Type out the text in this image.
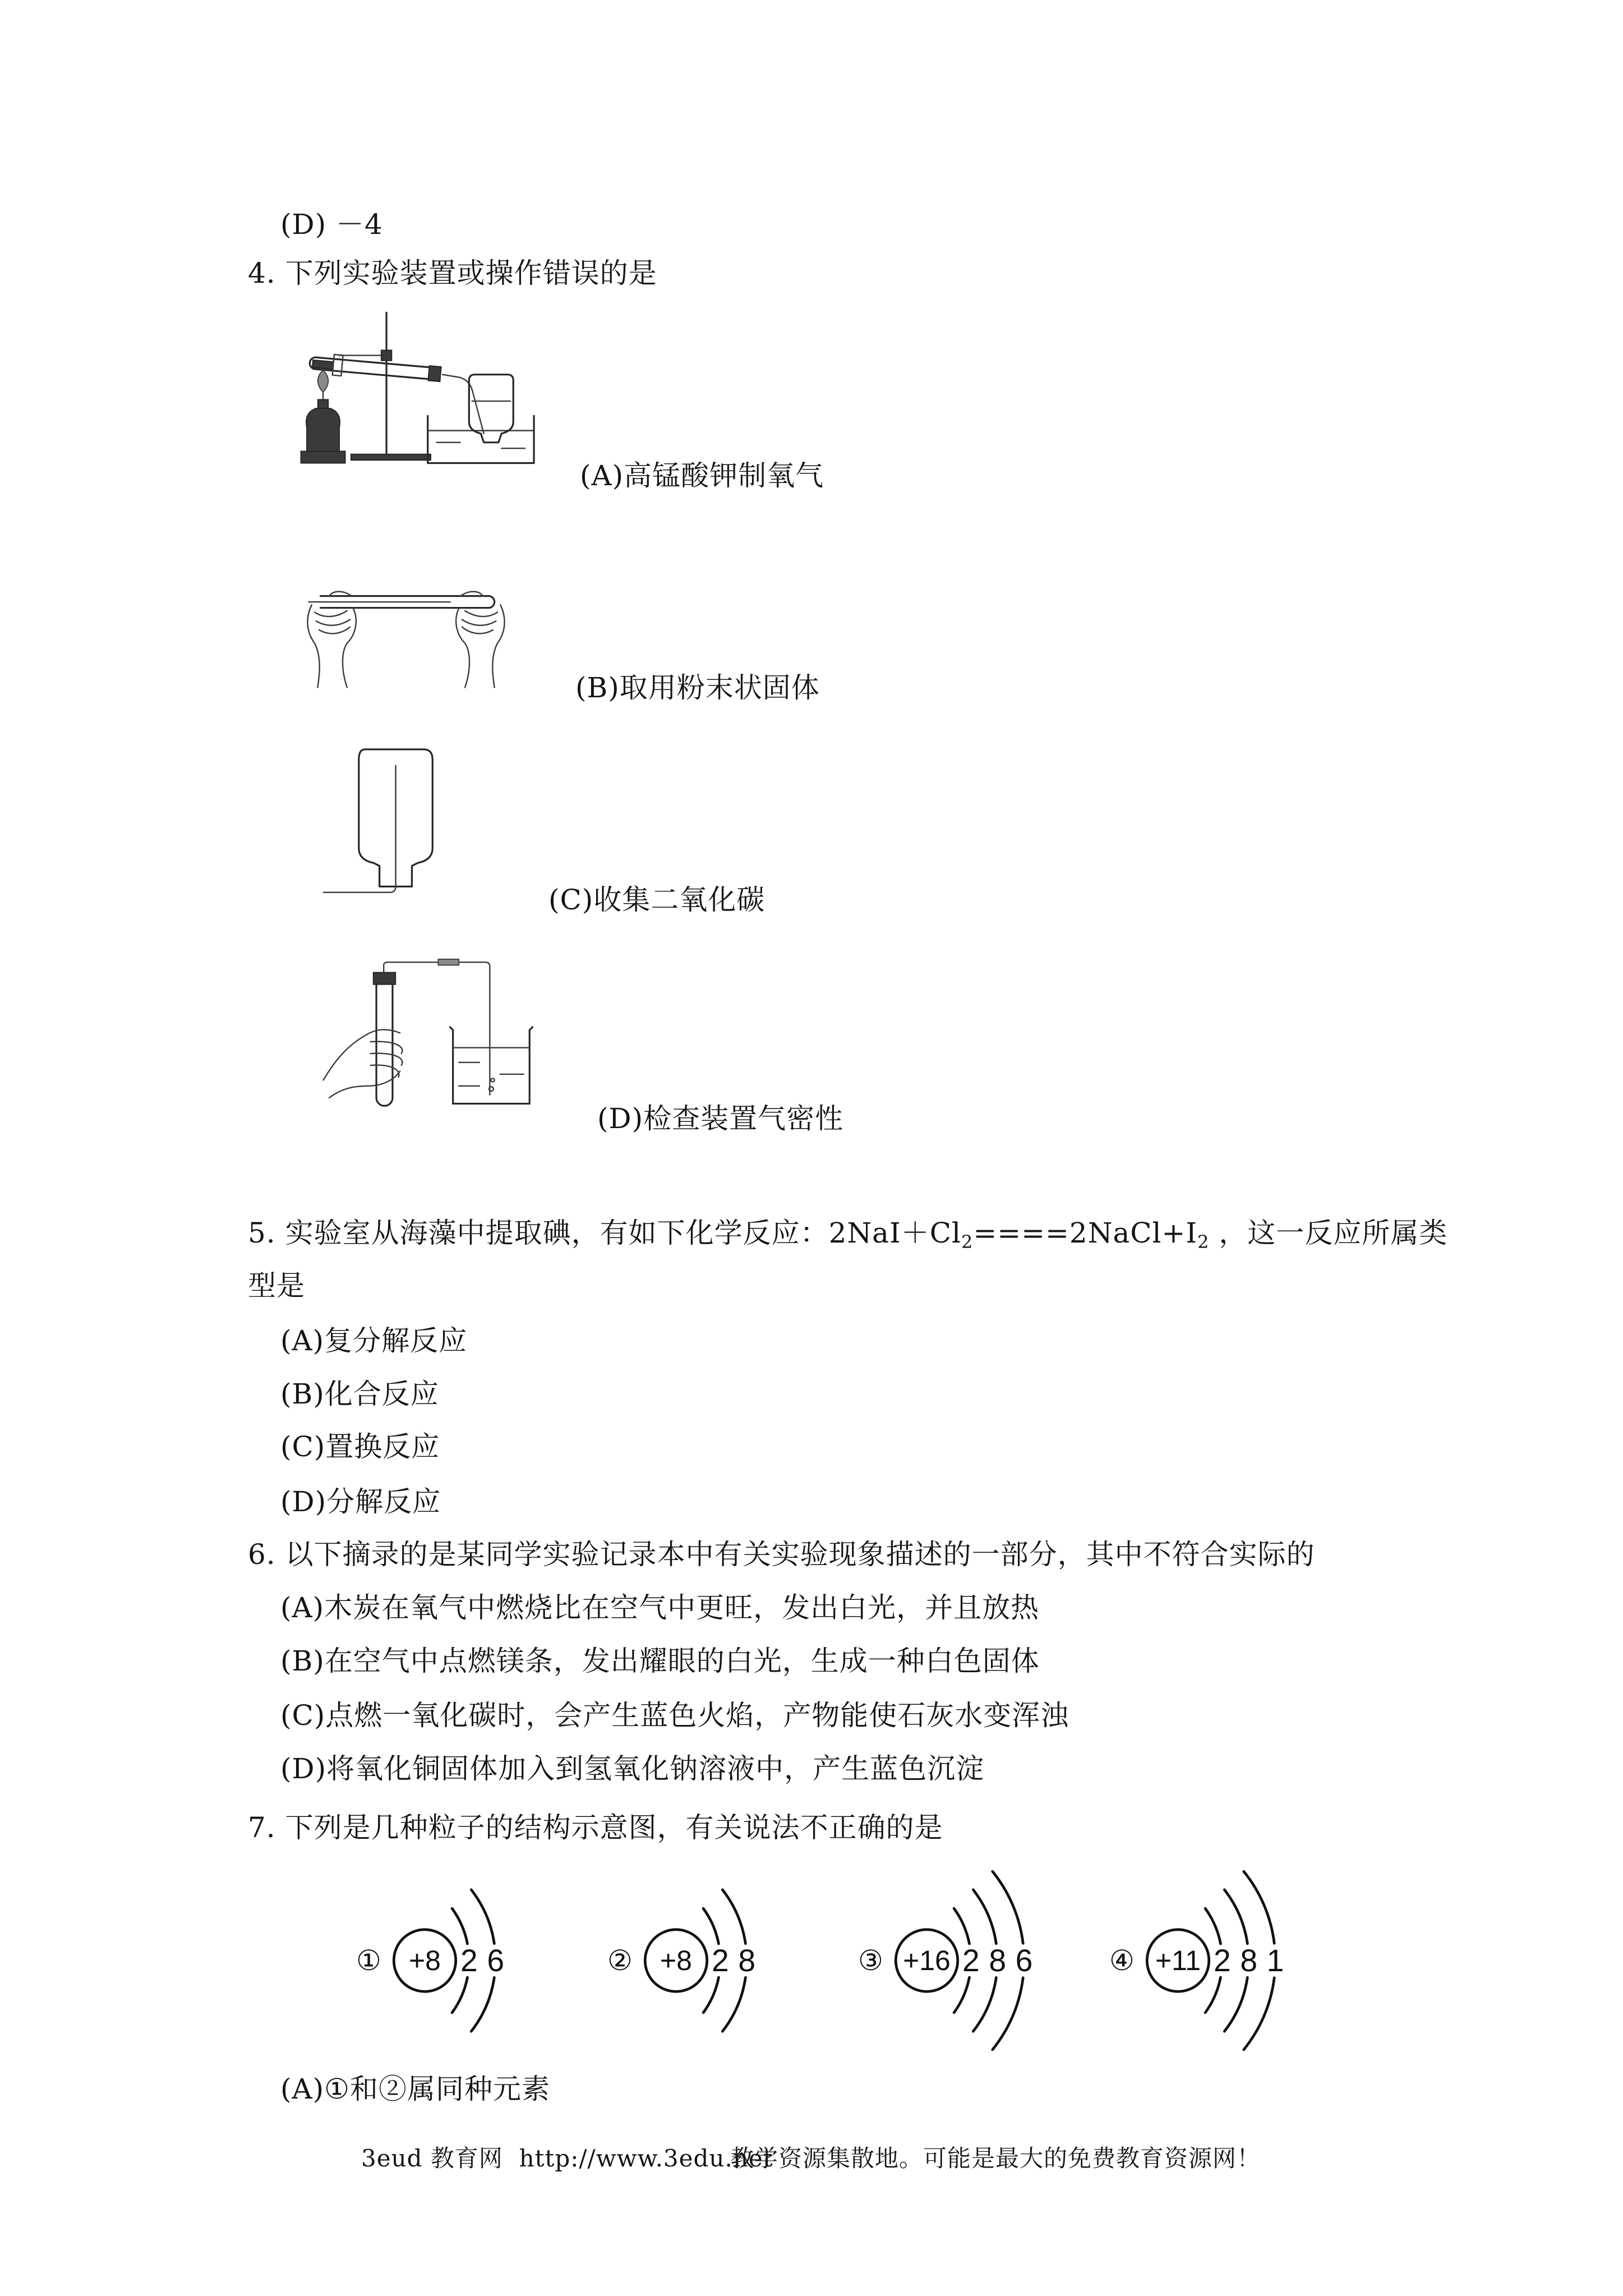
(D) －4
4. 下列实验装置或操作错误的是
(A)高锰酸钾制氧气
(B)取用粉末状固体
(C)收集二氧化碳
(D)检查装置气密性
5. 实验室从海藻中提取碘，有如下化学反应：$2NaI+Cl_2====2NaCl+I_2$ ，这一反应所属类
型是
(A)复分解反应
(B)化合反应
(C)置换反应
(D)分解反应
6. 以下摘录的是某同学实验记录本中有关实验现象描述的一部分，其中不符合实际的
(A)木炭在氧气中燃烧比在空气中更旺，发出白光，并且放热
(B)在空气中点燃镁条，发出耀眼的白光，生成一种白色固体
(C)点燃一氧化碳时，会产生蓝色火焰，产物能使石灰水变浑浊
(D)将氧化铜固体加入到氢氧化钠溶液中，产生蓝色沉淀
7. 下列是几种粒子的结构示意图，有关说法不正确的是
①	+8 2 6	②	+8 2 8	③ +16 2 8 6	④ +11 2 8 1
(A)①和②属同种元素
3eud 教育网  http://www.3edu.net
教学资源集散地。可能是最大的免费教育资源网！
